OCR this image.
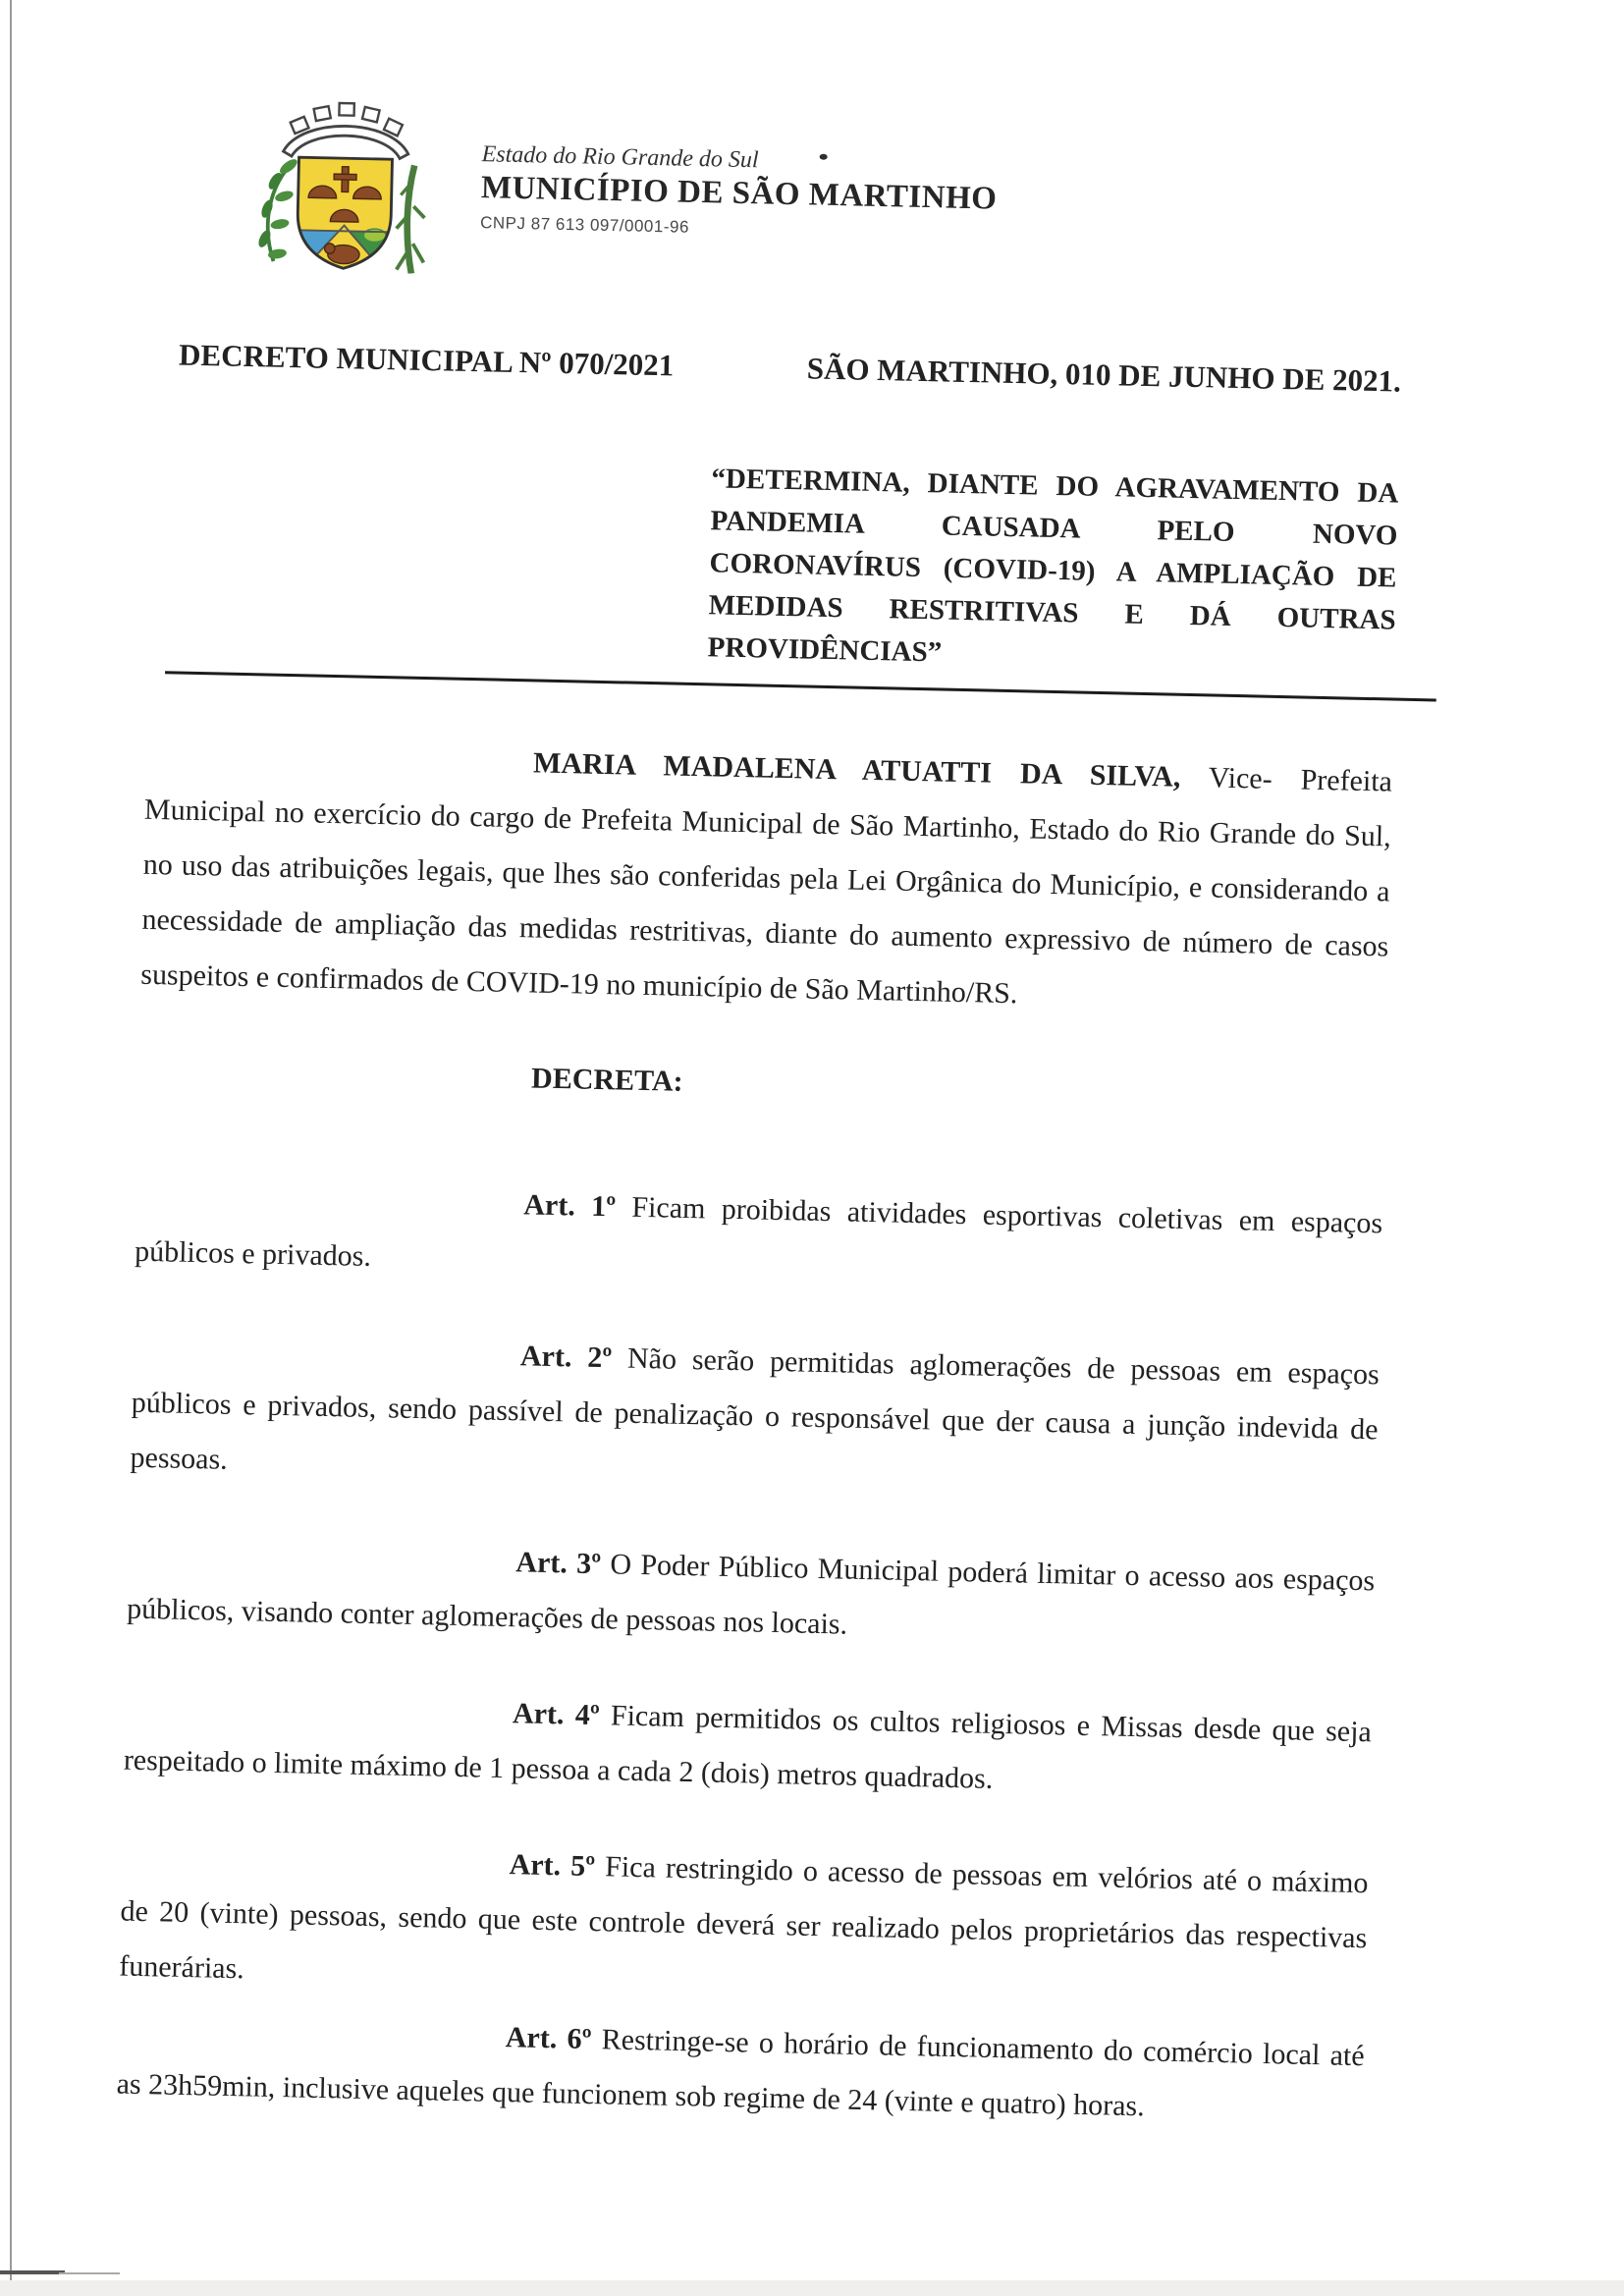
Estado do Rio Grande do Sul
MUNICÍPIO DE SÃO MARTINHO
CNPJ 87 613 097/0001-96
DECRETO MUNICIPAL Nº 070/2021	SÃO MARTINHO, 010 DE JUNHO DE 2021.

“DETERMINA, DIANTE DO AGRAVAMENTO DA PANDEMIA CAUSADA PELO NOVO CORONAVÍRUS (COVID-19) A AMPLIAÇÃO DE MEDIDAS RESTRITIVAS E DÁ OUTRAS PROVIDÊNCIAS”

MARIA MADALENA ATUATTI DA SILVA, Vice- Prefeita Municipal no exercício do cargo de Prefeita Municipal de São Martinho, Estado do Rio Grande do Sul, no uso das atribuições legais, que lhes são conferidas pela Lei Orgânica do Município, e considerando a necessidade de ampliação das medidas restritivas, diante do aumento expressivo de número de casos suspeitos e confirmados de COVID-19 no município de São Martinho/RS.

DECRETA:

Art. 1º Ficam proibidas atividades esportivas coletivas em espaços públicos e privados.

Art. 2º Não serão permitidas aglomerações de pessoas em espaços públicos e privados, sendo passível de penalização o responsável que der causa a junção indevida de pessoas.

Art. 3º O Poder Público Municipal poderá limitar o acesso aos espaços públicos, visando conter aglomerações de pessoas nos locais.

Art. 4º Ficam permitidos os cultos religiosos e Missas desde que seja respeitado o limite máximo de 1 pessoa a cada 2 (dois) metros quadrados.

Art. 5º Fica restringido o acesso de pessoas em velórios até o máximo de 20 (vinte) pessoas, sendo que este controle deverá ser realizado pelos proprietários das respectivas funerárias.

Art. 6º Restringe-se o horário de funcionamento do comércio local até as 23h59min, inclusive aqueles que funcionem sob regime de 24 (vinte e quatro) horas.
